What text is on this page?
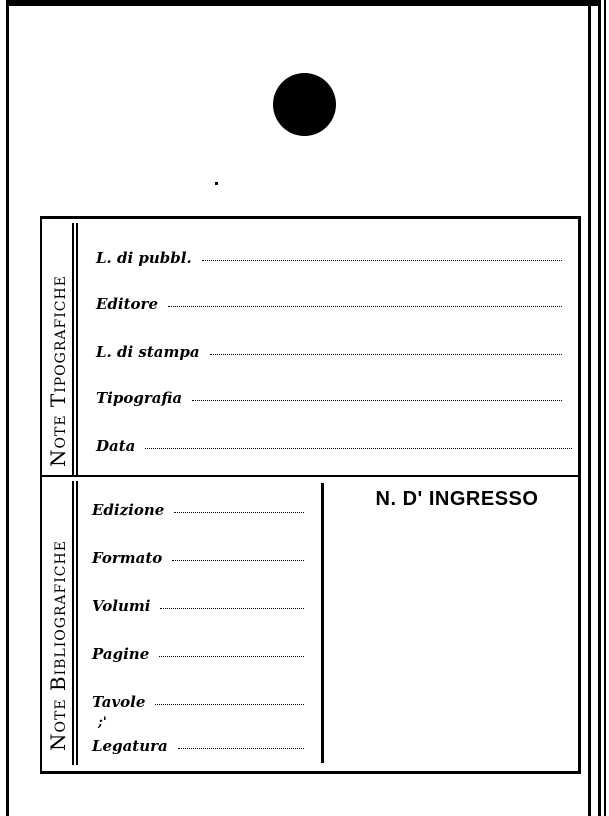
Note Tipografiche
Note Bibliografiche
L. di pubbl.
Editore
L. di stampa
Tipografia
Data
Edizione
Formato
Volumi
Pagine
Tavole
;'
Legatura
N. D' INGRESSO
